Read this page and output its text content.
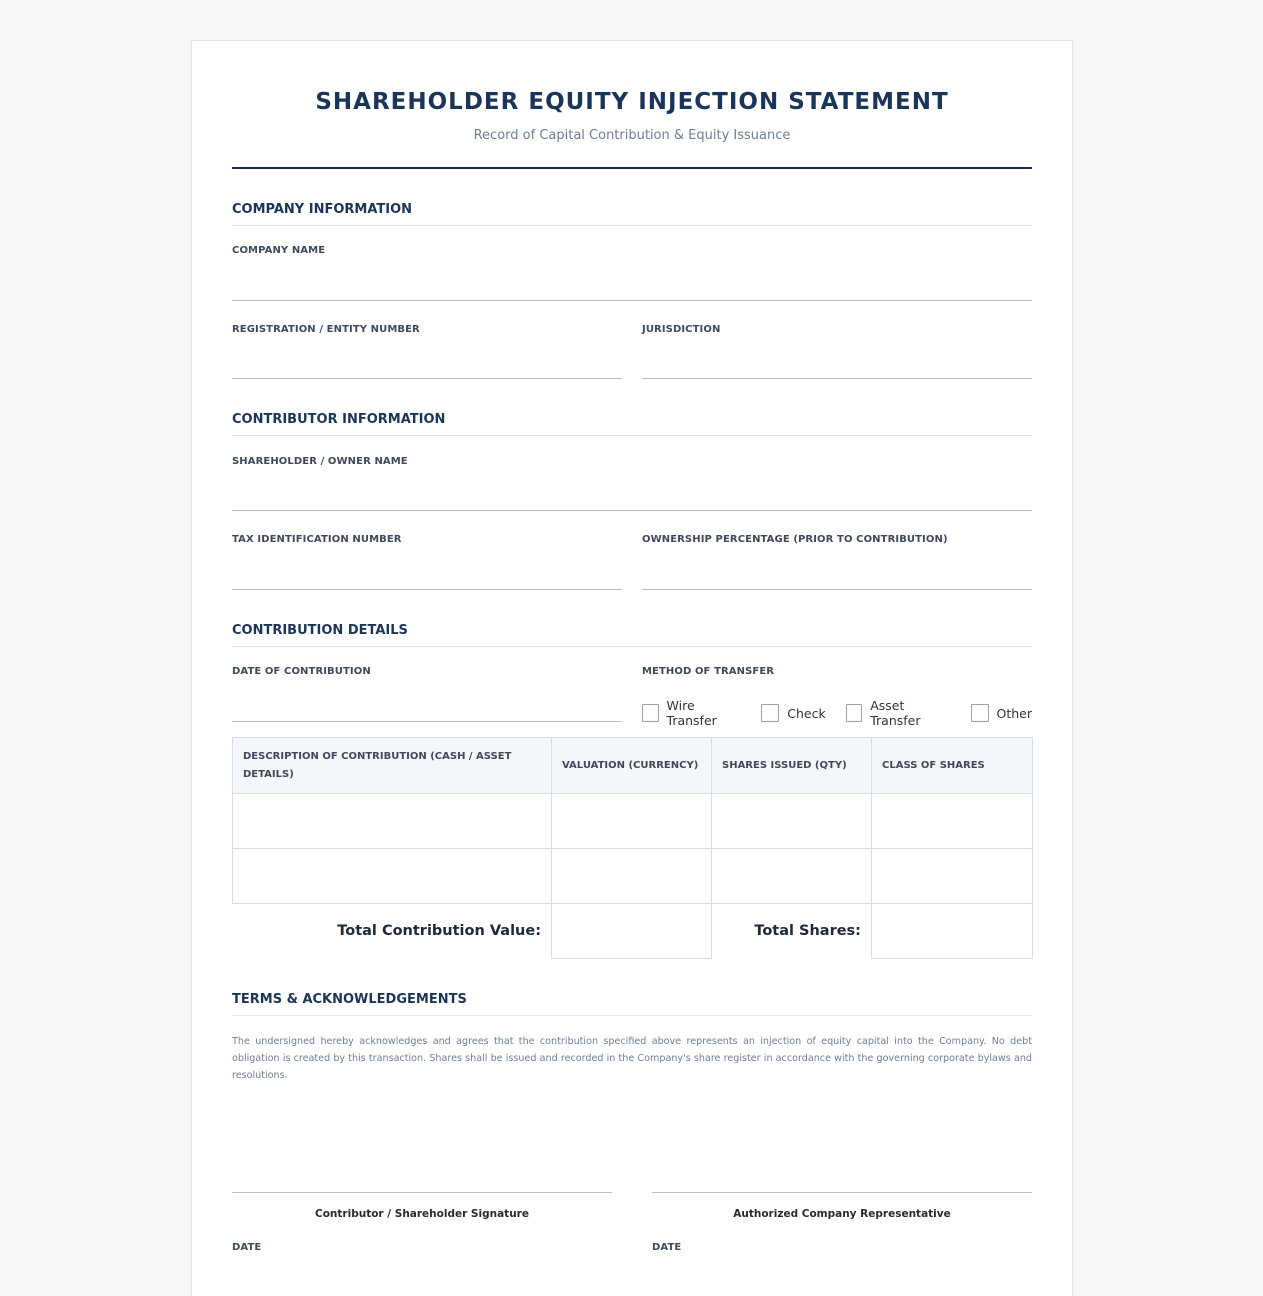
SHAREHOLDER EQUITY INJECTION STATEMENT
Record of Capital Contribution & Equity Issuance
COMPANY INFORMATION
COMPANY NAME
REGISTRATION / ENTITY NUMBER	JURISDICTION
CONTRIBUTOR INFORMATION
SHAREHOLDER / OWNER NAME
TAX IDENTIFICATION NUMBER	OWNERSHIP PERCENTAGE (PRIOR TO CONTRIBUTION)
CONTRIBUTION DETAILS
DATE OF CONTRIBUTION	METHOD OF TRANSFER
Wire Transfer	Check	Asset Transfer	Other
DESCRIPTION OF CONTRIBUTION (CASH / ASSET DETAILS)	VALUATION (CURRENCY)	SHARES ISSUED (QTY)	CLASS OF SHARES

Total Contribution Value:		Total Shares:	
TERMS & ACKNOWLEDGEMENTS
The undersigned hereby acknowledges and agrees that the contribution specified above represents an injection of equity capital into the Company. No debt obligation is created by this transaction. Shares shall be issued and recorded in the Company's share register in accordance with the governing corporate bylaws and resolutions.
Contributor / Shareholder Signature
DATE
Authorized Company Representative
DATE
